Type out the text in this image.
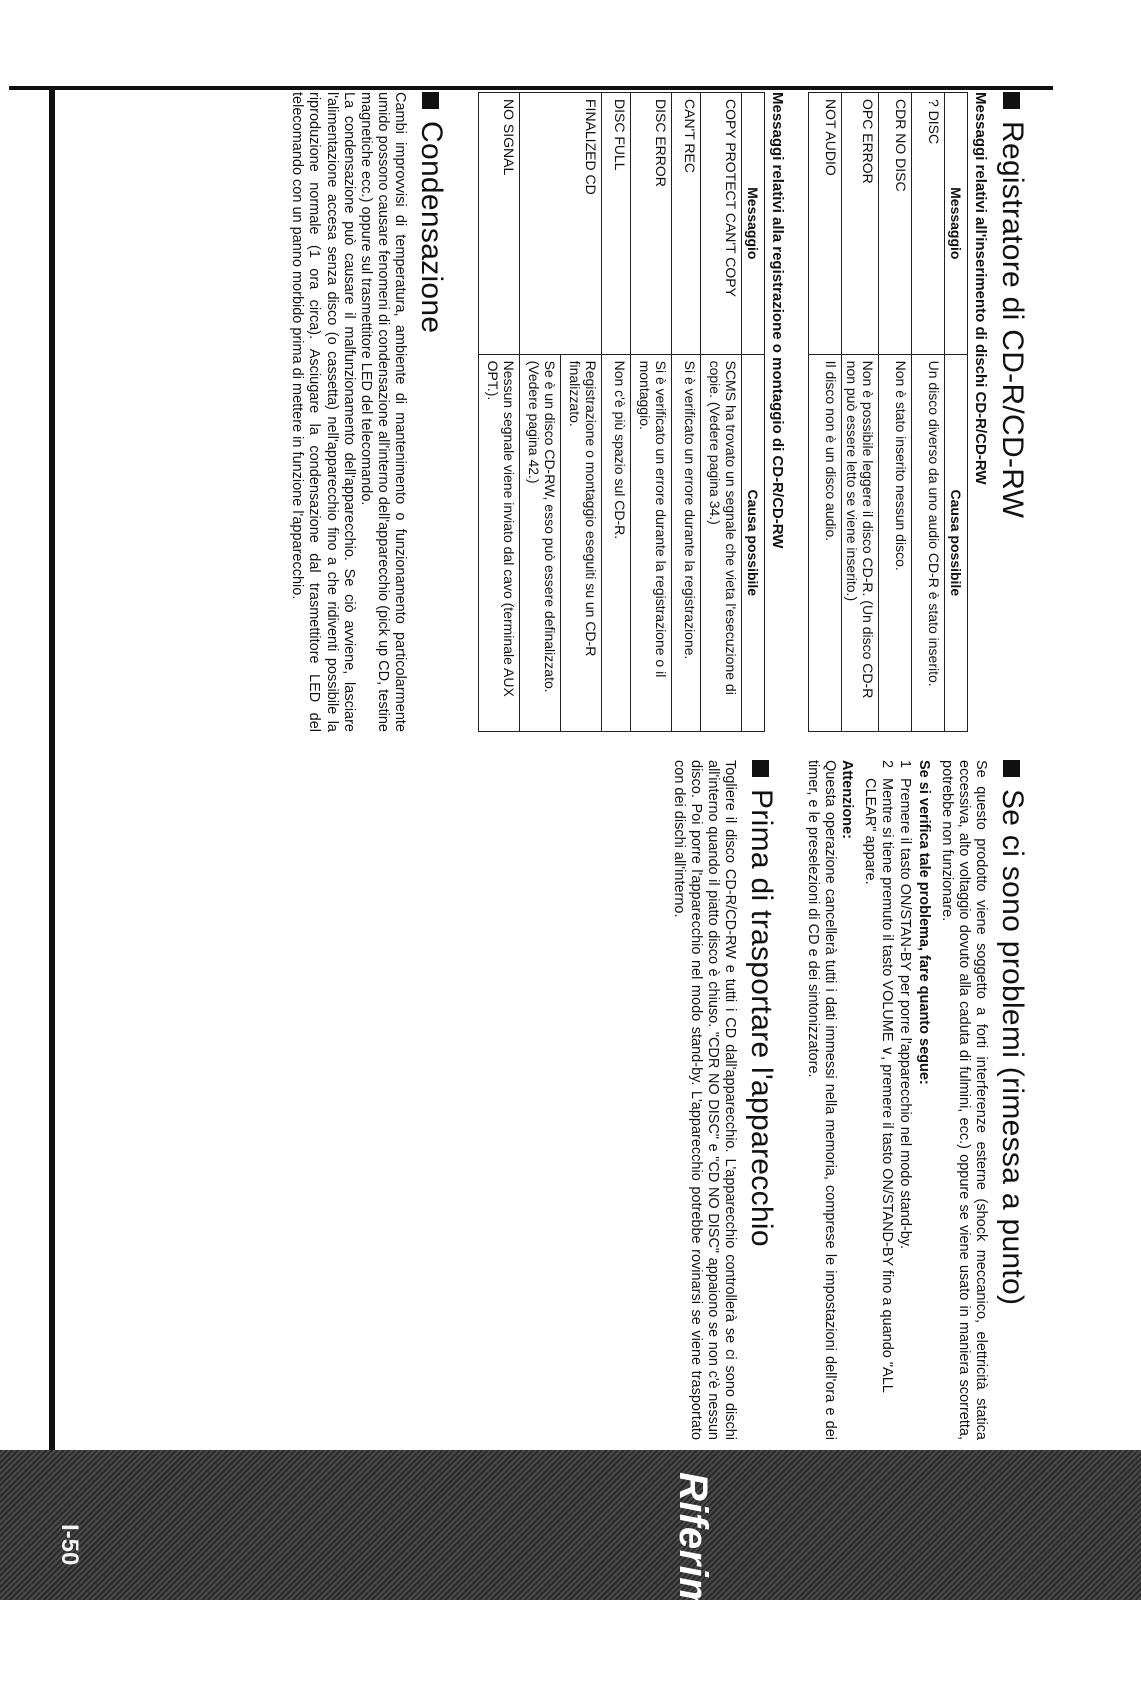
Registratore di CD-R/CD-RW
Messaggi relativi all'inserimento di dischi CD-R/CD-RW
Messaggio	Causa possibile
? DISC	Un disco diverso da uno audio CD-R è stato inserito.
CDR NO DISC	Non è stato inserito nessun disco.
OPC ERROR	Non è possibile leggere il disco CD-R. (Un disco CD-R non può essere letto se viene inserito.)
NOT AUDIO	Il disco non è un disco audio.
Messaggi relativi alla registrazione o montaggio di CD-R/CD-RW
Messaggio	Causa possibile
COPY PROTECT CAN'T COPY	SCMS ha trovato un segnale che vieta l'esecuzione di copie. (Vedere pagina 34.)
CAN'T REC	Si è verificato un errore durante la registrazione.
DISC ERROR	Si è verificato un errore durante la registrazione o il montaggio.
DISC FULL	Non c'è più spazio sul CD-R.
FINALIZED CD	Registrazione o montaggio eseguiti su un CD-R finalizzato.
	Se è un disco CD-RW, esso può essere definalizzato. (Vedere pagina 42.)
NO SIGNAL	Nessun segnale viene inviato dal cavo (terminale AUX OPT.).
Condensazione

Cambi improvvisi di temperatura, ambiente di mantenimento o funzionamento particolarmente umido possono causare fenomeni di condensazione all'interno dell'apparecchio (pick up CD, testine magnetiche ecc.) oppure sul trasmettitore LED del telecomando.

La condensazione può causare il malfunzionamento dell'apparecchio. Se ciò avviene, lasciare l'alimentazione accesa senza disco (o cassetta) nell'apparecchio fino a che ridiventi possibile la riproduzione normale (1 ora circa). Asciugare la condensazione dal trasmettitore LED del telecomando con un panno morbido prima di mettere in funzione l'apparecchio.

Se ci sono problemi (rimessa a punto)

Se questo prodotto viene soggetto a forti interferenze esterne (shock meccanico, elettricità statica eccessiva, alto voltaggio dovuto alla caduta di fulmini, ecc.) oppure se viene usato in maniera scorretta, potrebbe non funzionare.

Se si verifica tale problema, fare quanto segue:

1
Premere il tasto ON/STAN-BY per porre l'apparecchio nel modo stand-by.
2
Mentre si tiene premuto il tasto VOLUME ∨, premere il tasto ON/STAND-BY fino a quando "ALL CLEAR" appare.

Attenzione:

Questa operazione cancellerà tutti i dati immessi nella memoria, comprese le impostazioni dell'ora e dei timer, e le preselezioni di CD e dei sintonizzatore.

Prima di trasportare l'apparecchio

Togliere il disco CD-R/CD-RW e tutti i CD dall'apparecchio. L'apparecchio controllerà se ci sono dischi all'interno quando il piatto disco è chiuso. "CDR NO DISC" e "CD NO DISC" appaiono se non c'è nessun disco. Poi porre l'apparecchio nel modo stand-by. L'apparecchio potrebbe rovinarsi se viene trasportato con dei dischi all'interno.

Riferimenti
I-50
